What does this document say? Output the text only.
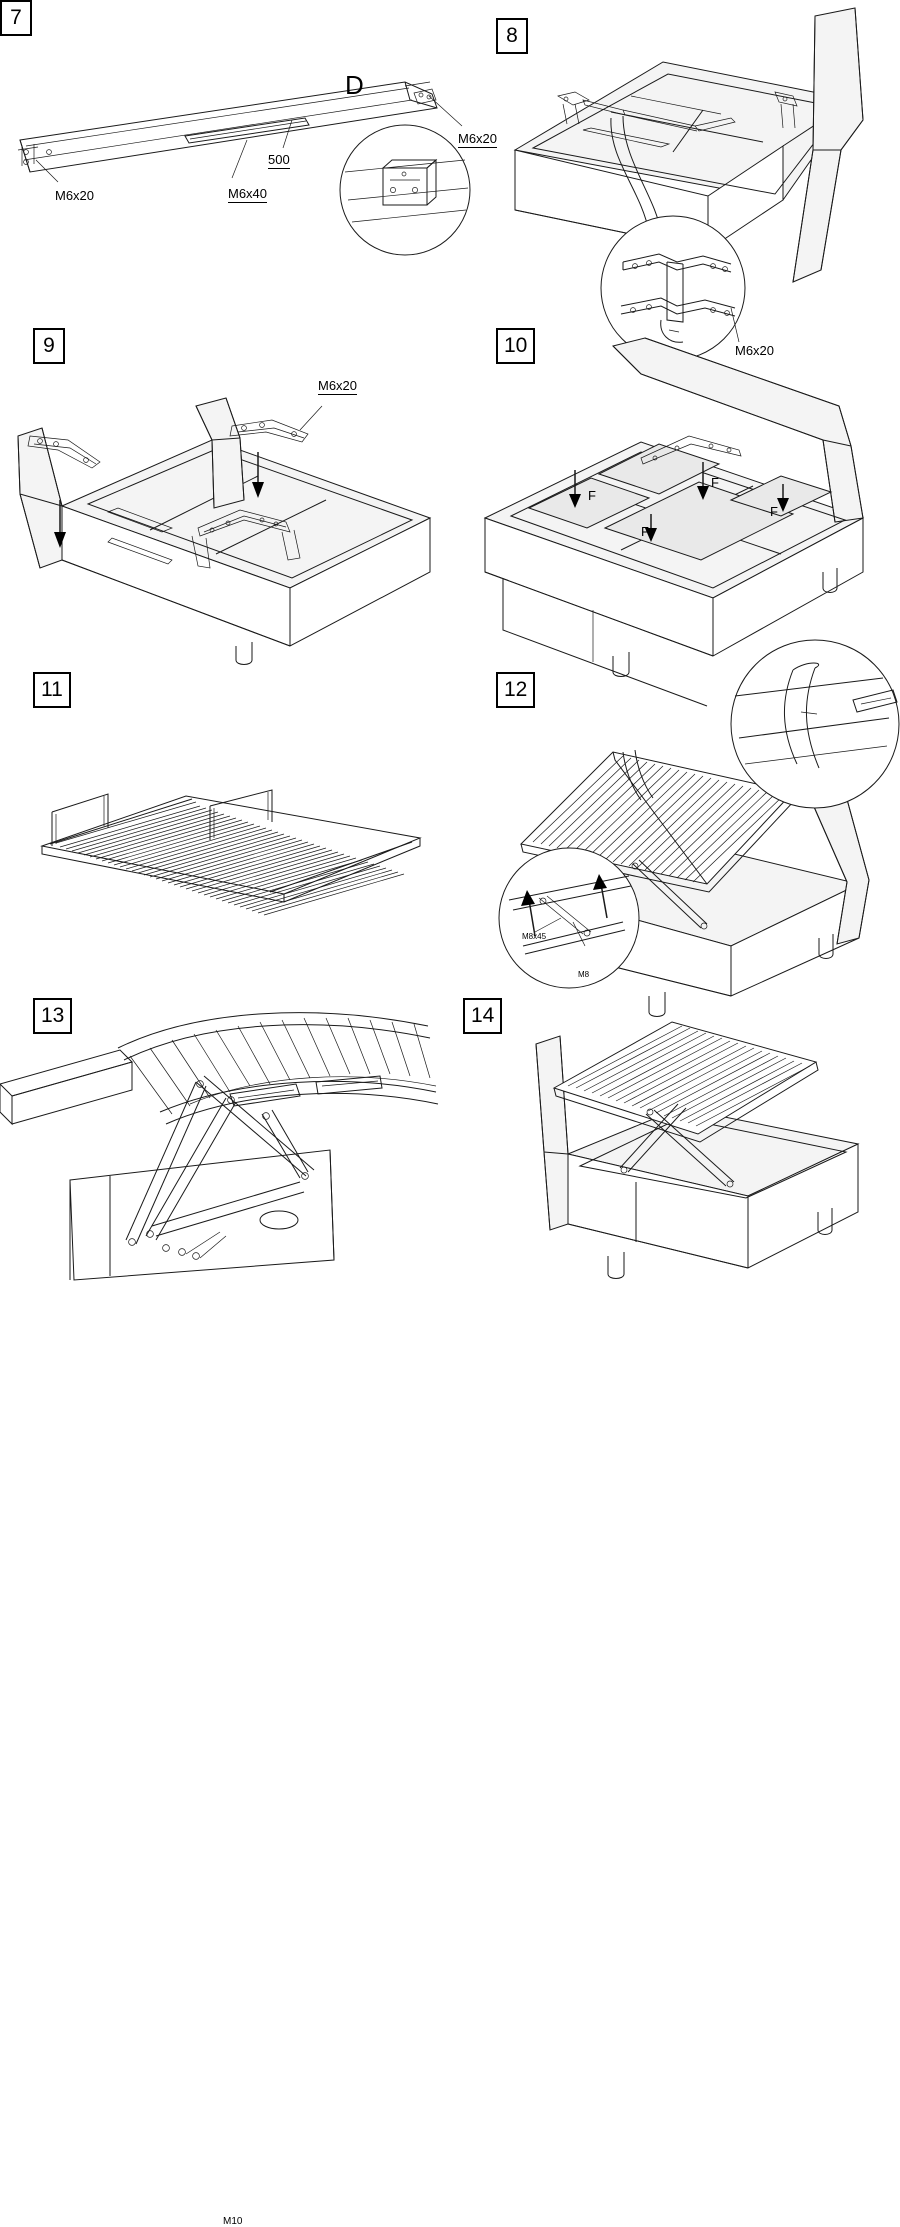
7
D
500
M6x20	M6x40
M6x20
8
M6x20
9
M6x20
10
F
F
F
F
11	12
M8x45
M8
13
M10
14
